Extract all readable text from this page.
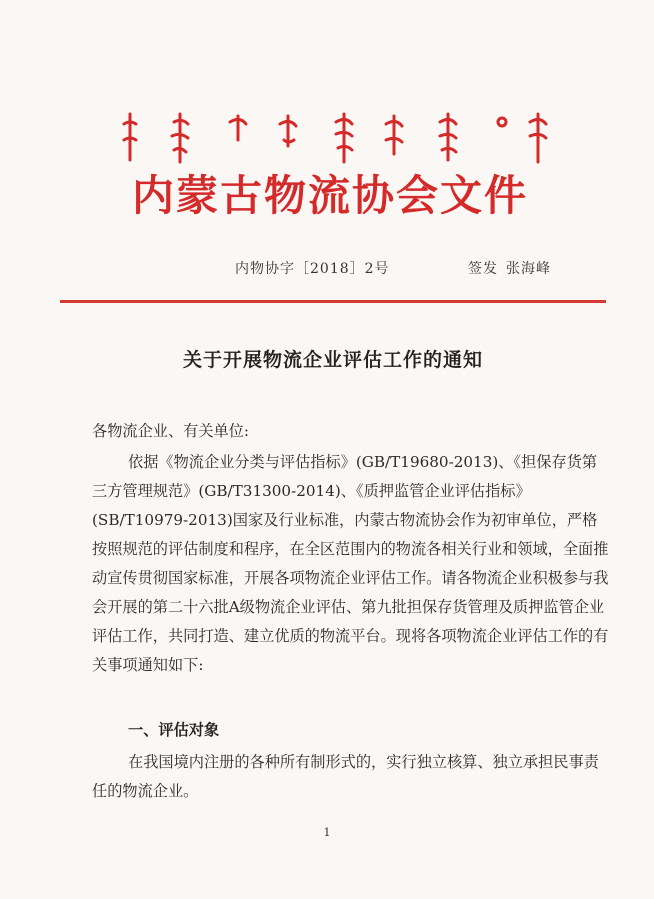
内蒙古物流协会文件
内物协字［2018］2号	签发 张海峰
关于开展物流企业评估工作的通知
各物流企业、有关单位:
依据《物流企业分类与评估指标》(GB/T19680-2013)、《担保存货第三方管理规范》(GB/T31300-2014)、《质押监管企业评估指标》(SB/T10979-2013)国家及行业标准，内蒙古物流协会作为初审单位，严格按照规范的评估制度和程序，在全区范围内的物流各相关行业和领域，全面推动宣传贯彻国家标准，开展各项物流企业评估工作。请各物流企业积极参与我会开展的第二十六批A级物流企业评估、第九批担保存货管理及质押监管企业评估工作，共同打造、建立优质的物流平台。现将各项物流企业评估工作的有关事项通知如下:
一、评估对象
在我国境内注册的各种所有制形式的，实行独立核算、独立承担民事责任的物流企业。
1
